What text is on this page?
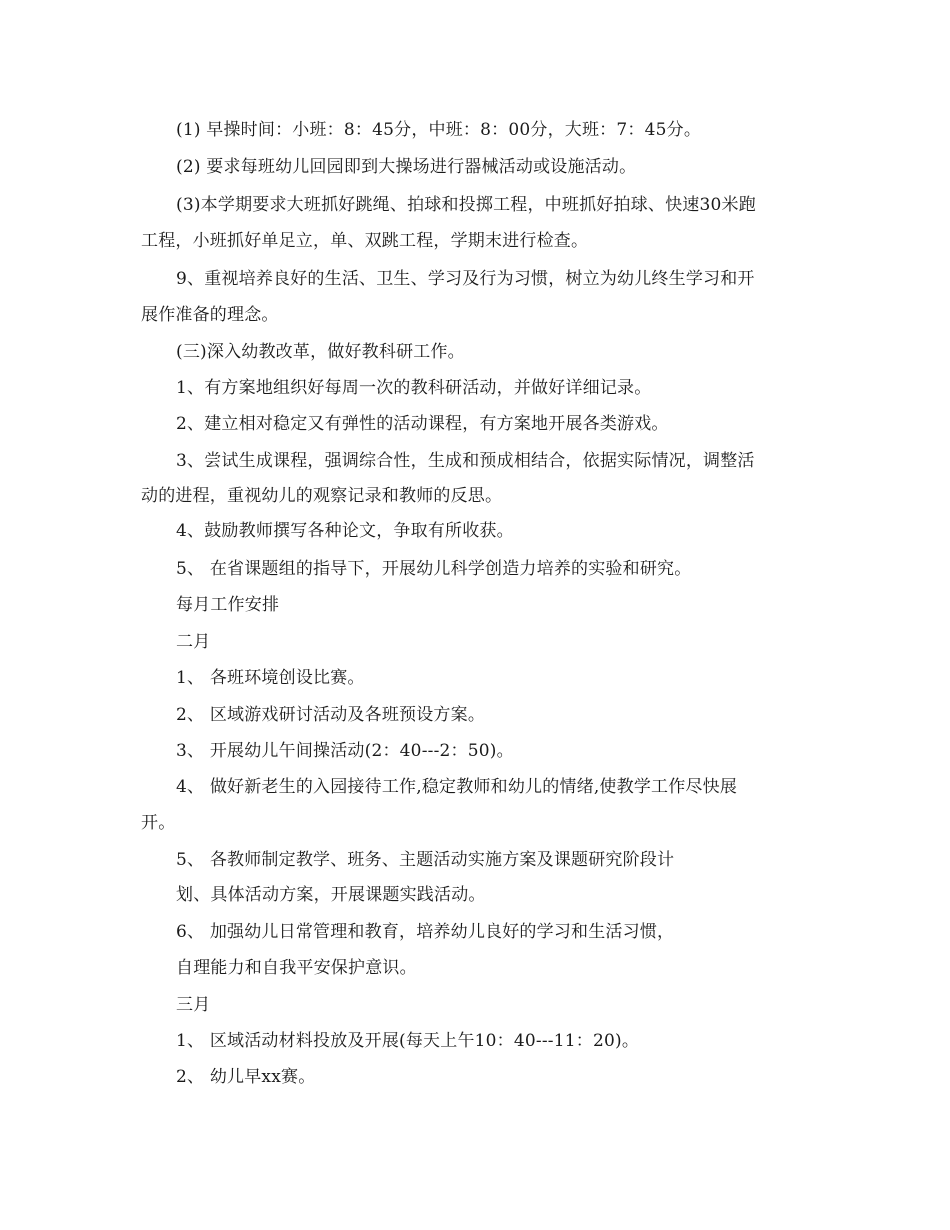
(1) 早操时间：小班：8：45分，中班：8：00分，大班：7：45分。
(2) 要求每班幼儿回园即到大操场进行器械活动或设施活动。
(3)本学期要求大班抓好跳绳、拍球和投掷工程，中班抓好拍球、快速30米跑
工程，小班抓好单足立，单、双跳工程，学期末进行检查。
9、重视培养良好的生活、卫生、学习及行为习惯，树立为幼儿终生学习和开
展作准备的理念。
(三)深入幼教改革，做好教科研工作。
1、有方案地组织好每周一次的教科研活动，并做好详细记录。
2、建立相对稳定又有弹性的活动课程，有方案地开展各类游戏。
3、尝试生成课程，强调综合性，生成和预成相结合，依据实际情况，调整活
动的进程，重视幼儿的观察记录和教师的反思。
4、鼓励教师撰写各种论文，争取有所收获。
5、 在省课题组的指导下，开展幼儿科学创造力培养的实验和研究。
每月工作安排
二月
1、 各班环境创设比赛。
2、 区域游戏研讨活动及各班预设方案。
3、 开展幼儿午间操活动(2：40---2：50)。
4、 做好新老生的入园接待工作,稳定教师和幼儿的情绪,使教学工作尽快展
开。
5、 各教师制定教学、班务、主题活动实施方案及课题研究阶段计
划、具体活动方案，开展课题实践活动。
6、 加强幼儿日常管理和教育，培养幼儿良好的学习和生活习惯，
自理能力和自我平安保护意识。
三月
1、 区域活动材料投放及开展(每天上午10：40---11：20)。
2、 幼儿早xx赛。
